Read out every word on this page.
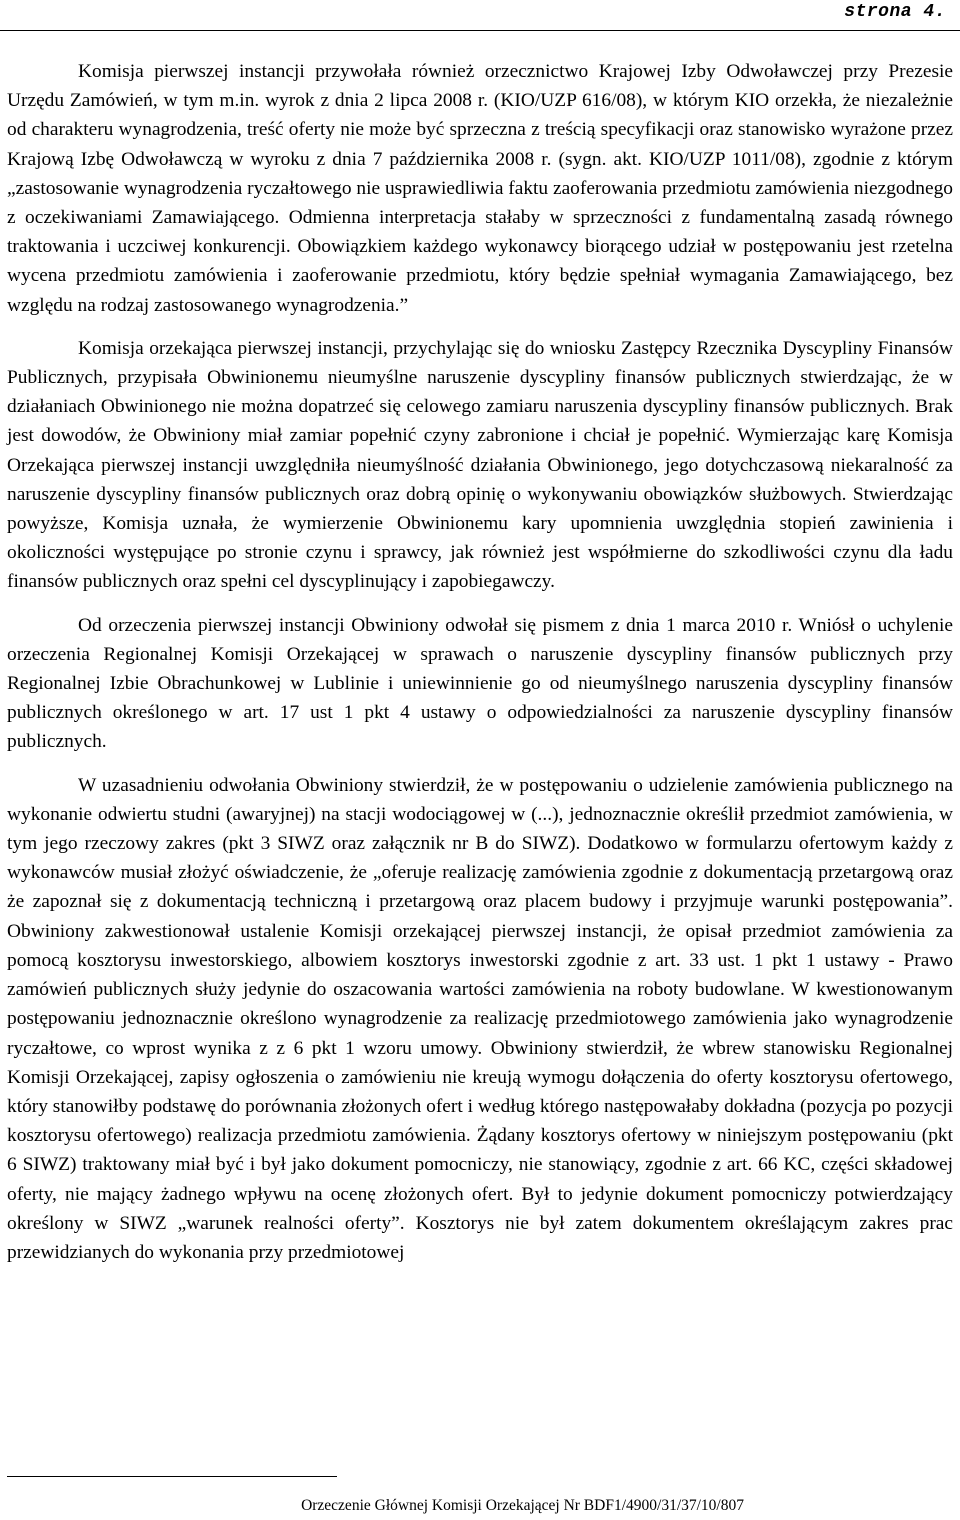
strona 4.

Komisja pierwszej instancji przywołała również orzecznictwo Krajowej Izby Odwoławczej przy Prezesie Urzędu Zamówień, w tym m.in. wyrok z dnia 2 lipca 2008 r. (KIO/UZP 616/08), w którym KIO orzekła, że niezależnie od charakteru wynagrodzenia, treść oferty nie może być sprzeczna z treścią specyfikacji oraz stanowisko wyrażone przez Krajową Izbę Odwoławczą w wyroku z dnia 7 października 2008 r. (sygn. akt. KIO/UZP 1011/08), zgodnie z którym „zastosowanie wynagrodzenia ryczałtowego nie usprawiedliwia faktu zaoferowania przedmiotu zamówienia niezgodnego z oczekiwaniami Zamawiającego. Odmienna interpretacja stałaby w sprzeczności z fundamentalną zasadą równego traktowania i uczciwej konkurencji. Obowiązkiem każdego wykonawcy biorącego udział w postępowaniu jest rzetelna wycena przedmiotu zamówienia i zaoferowanie przedmiotu, który będzie spełniał wymagania Zamawiającego, bez względu na rodzaj zastosowanego wynagrodzenia.”

Komisja orzekająca pierwszej instancji, przychylając się do wniosku Zastępcy Rzecznika Dyscypliny Finansów Publicznych, przypisała Obwinionemu nieumyślne naruszenie dyscypliny finansów publicznych stwierdzając, że w działaniach Obwinionego nie można dopatrzeć się celowego zamiaru naruszenia dyscypliny finansów publicznych. Brak jest dowodów, że Obwiniony miał zamiar popełnić czyny zabronione i chciał je popełnić. Wymierzając karę Komisja Orzekająca pierwszej instancji uwzględniła nieumyślność działania Obwinionego, jego dotychczasową niekaralność za naruszenie dyscypliny finansów publicznych oraz dobrą opinię o wykonywaniu obowiązków służbowych. Stwierdzając powyższe, Komisja uznała, że wymierzenie Obwinionemu kary upomnienia uwzględnia stopień zawinienia i okoliczności występujące po stronie czynu i sprawcy, jak również jest współmierne do szkodliwości czynu dla ładu finansów publicznych oraz spełni cel dyscyplinujący i zapobiegawczy.

Od orzeczenia pierwszej instancji Obwiniony odwołał się pismem z dnia 1 marca 2010 r. Wniósł o uchylenie orzeczenia Regionalnej Komisji Orzekającej w sprawach o naruszenie dyscypliny finansów publicznych przy Regionalnej Izbie Obrachunkowej w Lublinie i uniewinnienie go od nieumyślnego naruszenia dyscypliny finansów publicznych określonego w art. 17 ust 1 pkt 4 ustawy o odpowiedzialności za naruszenie dyscypliny finansów publicznych.

W uzasadnieniu odwołania Obwiniony stwierdził, że w postępowaniu o udzielenie zamówienia publicznego na wykonanie odwiertu studni (awaryjnej) na stacji wodociągowej w (...), jednoznacznie określił przedmiot zamówienia, w tym jego rzeczowy zakres (pkt 3 SIWZ oraz załącznik nr B do SIWZ). Dodatkowo w formularzu ofertowym każdy z wykonawców musiał złożyć oświadczenie, że „oferuje realizację zamówienia zgodnie z dokumentacją przetargową oraz że zapoznał się z dokumentacją techniczną i przetargową oraz placem budowy i przyjmuje warunki postępowania”. Obwiniony zakwestionował ustalenie Komisji orzekającej pierwszej instancji, że opisał przedmiot zamówienia za pomocą kosztorysu inwestorskiego, albowiem kosztorys inwestorski zgodnie z art. 33 ust. 1 pkt 1 ustawy - Prawo zamówień publicznych służy jedynie do oszacowania wartości zamówienia na roboty budowlane. W kwestionowanym postępowaniu jednoznacznie określono wynagrodzenie za realizację przedmiotowego zamówienia jako wynagrodzenie ryczałtowe, co wprost wynika z z 6 pkt 1 wzoru umowy. Obwiniony stwierdził, że wbrew stanowisku Regionalnej Komisji Orzekającej, zapisy ogłoszenia o zamówieniu nie kreują wymogu dołączenia do oferty kosztorysu ofertowego, który stanowiłby podstawę do porównania złożonych ofert i według którego następowałaby dokładna (pozycja po pozycji kosztorysu ofertowego) realizacja przedmiotu zamówienia. Żądany kosztorys ofertowy w niniejszym postępowaniu (pkt 6 SIWZ) traktowany miał być i był jako dokument pomocniczy, nie stanowiący, zgodnie z art. 66 KC, części składowej oferty, nie mający żadnego wpływu na ocenę złożonych ofert. Był to jedynie dokument pomocniczy potwierdzający określony w SIWZ „warunek realności oferty”. Kosztorys nie był zatem dokumentem określającym zakres prac przewidzianych do wykonania przy przedmiotowej

Orzeczenie Głównej Komisji Orzekającej Nr BDF1/4900/31/37/10/807
